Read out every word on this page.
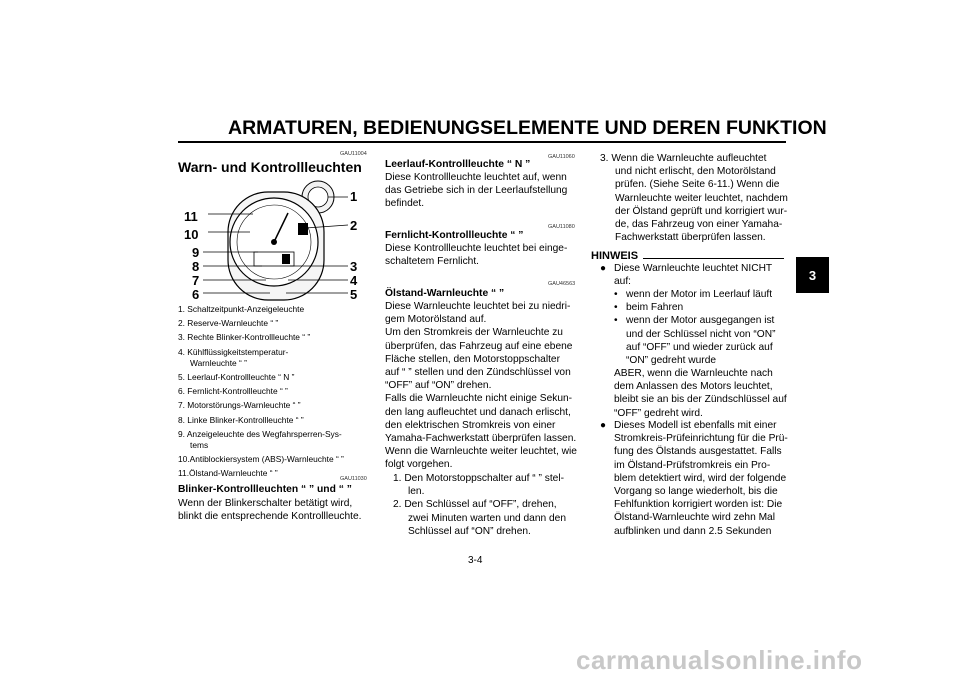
ARMATUREN, BEDIENUNGSELEMENTE UND DEREN FUNKTION
3
GAU11004
Warn- und Kontrollleuchten
1
2
3
4
5
6
7
8
9
10
11
1. Schaltzeitpunkt-Anzeigeleuchte
2. Reserve-Warnleuchte “ ”
3. Rechte Blinker-Kontrollleuchte “ ”
4. Kühlflüssigkeitstemperatur-
Warnleuchte “ ”
5. Leerlauf-Kontrollleuchte “ N ”
6. Fernlicht-Kontrollleuchte “ ”
7. Motorstörungs-Warnleuchte “ ”
8. Linke Blinker-Kontrollleuchte “ ”
9. Anzeigeleuchte des Wegfahrsperren-Sys-
tems
10.Antiblockiersystem (ABS)-Warnleuchte “ ”
11.Ölstand-Warnleuchte “ ”
GAU11030
Blinker-Kontrollleuchten “ ” und “ ”
Wenn der Blinkerschalter betätigt wird,
blinkt die entsprechende Kontrollleuchte.
GAU11060
Leerlauf-Kontrollleuchte “ N ”
Diese Kontrollleuchte leuchtet auf, wenn
das Getriebe sich in der Leerlaufstellung
befindet.
GAU11080
Fernlicht-Kontrollleuchte “ ”
Diese Kontrollleuchte leuchtet bei einge-
schaltetem Fernlicht.
GAU46563
Ölstand-Warnleuchte “ ”
Diese Warnleuchte leuchtet bei zu niedri-
gem Motorölstand auf.
Um den Stromkreis der Warnleuchte zu
überprüfen, das Fahrzeug auf eine ebene
Fläche stellen, den Motorstoppschalter
auf “ ” stellen und den Zündschlüssel von
“OFF” auf “ON” drehen.
Falls die Warnleuchte nicht einige Sekun-
den lang aufleuchtet und danach erlischt,
den elektrischen Stromkreis von einer
Yamaha-Fachwerkstatt überprüfen lassen.
Wenn die Warnleuchte weiter leuchtet, wie
folgt vorgehen.
1. Den Motorstoppschalter auf “ ” stel-
len.
2. Den Schlüssel auf “OFF”, drehen,
zwei Minuten warten und dann den
Schlüssel auf “ON” drehen.
3. Wenn die Warnleuchte aufleuchtet
und nicht erlischt, den Motorölstand
prüfen. (Siehe Seite 6-11.) Wenn die
Warnleuchte weiter leuchtet, nachdem
der Ölstand geprüft und korrigiert wur-
de, das Fahrzeug von einer Yamaha-
Fachwerkstatt überprüfen lassen.
HINWEIS
● Diese Warnleuchte leuchtet NICHT
auf:
• wenn der Motor im Leerlauf läuft
• beim Fahren
• wenn der Motor ausgegangen ist
und der Schlüssel nicht von “ON”
auf “OFF” und wieder zurück auf
“ON” gedreht wurde
ABER, wenn die Warnleuchte nach
dem Anlassen des Motors leuchtet,
bleibt sie an bis der Zündschlüssel auf
“OFF” gedreht wird.
● Dieses Modell ist ebenfalls mit einer
Stromkreis-Prüfeinrichtung für die Prü-
fung des Ölstands ausgestattet. Falls
im Ölstand-Prüfstromkreis ein Pro-
blem detektiert wird, wird der folgende
Vorgang so lange wiederholt, bis die
Fehlfunktion korrigiert worden ist: Die
Ölstand-Warnleuchte wird zehn Mal
aufblinken und dann 2.5 Sekunden
3-4
carmanualsonline.info
